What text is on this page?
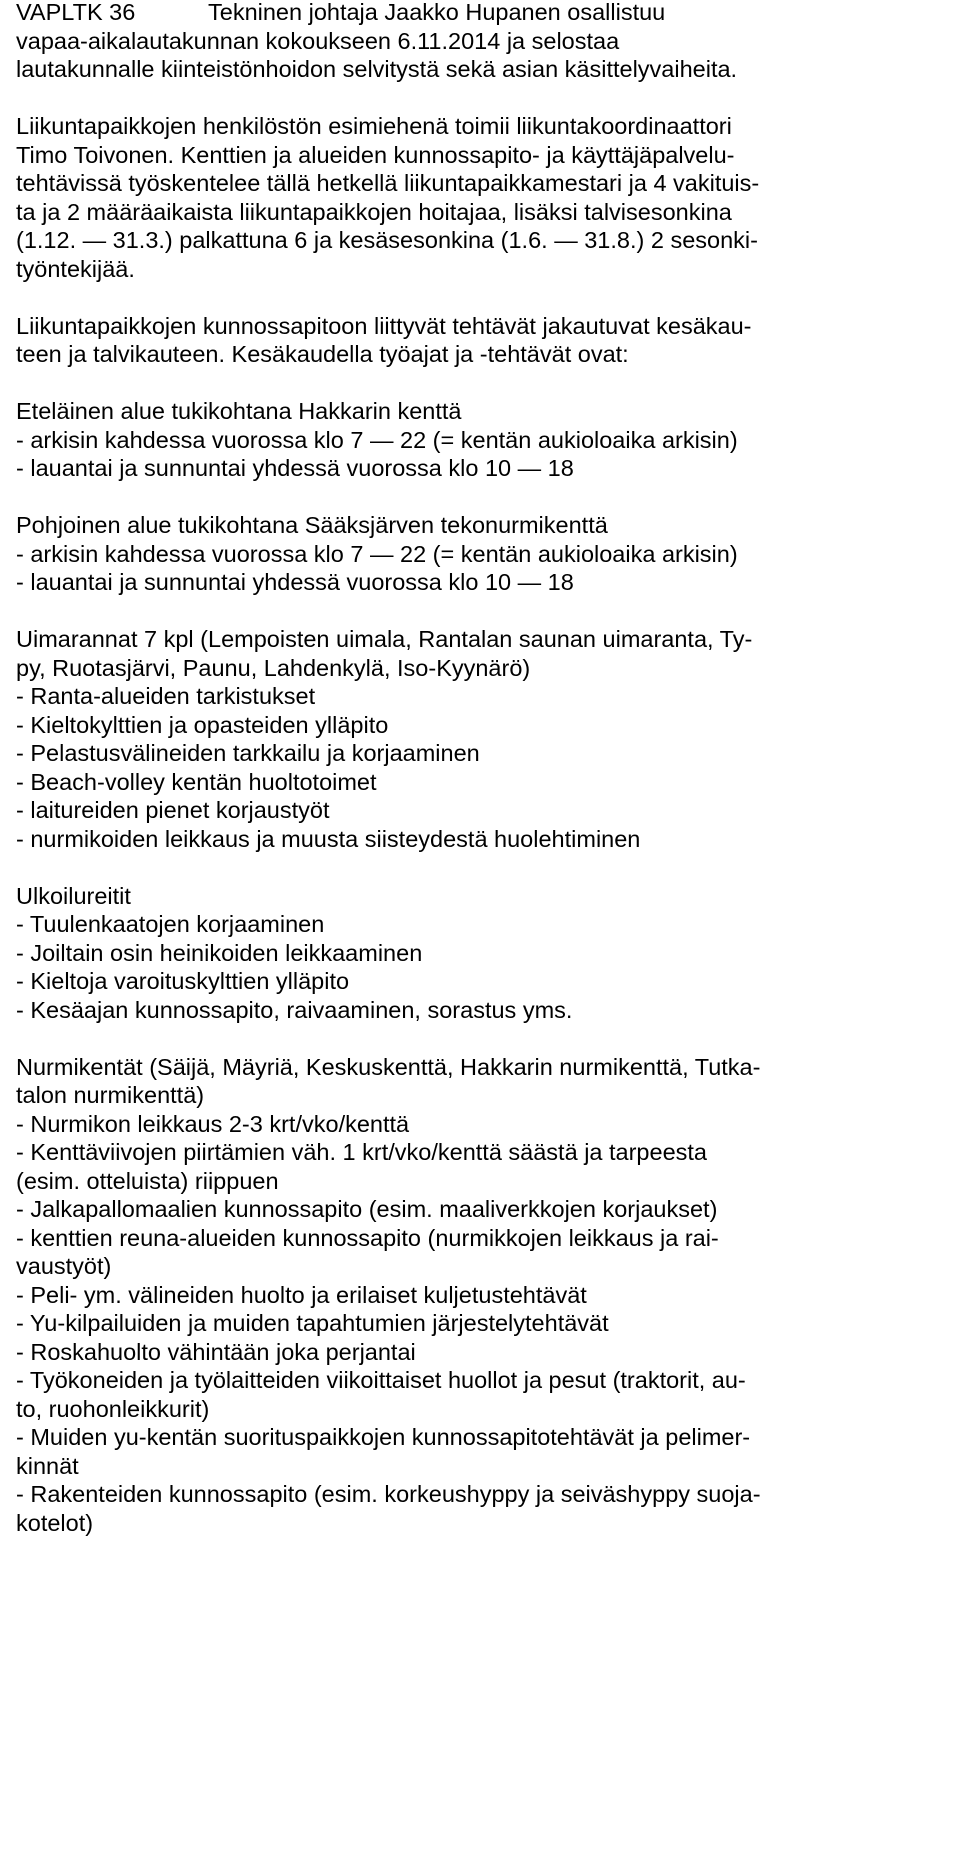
VAPLTK 36	Tekninen johtaja Jaakko Hupanen osallistuu

vapaa-aikalautakunnan kokoukseen 6.11.2014 ja selostaa

lautakunnalle kiinteistönhoidon selvitystä sekä asian käsittelyvaiheita.

Liikuntapaikkojen henkilöstön esimiehenä toimii liikuntakoordinaattori

Timo Toivonen. Kenttien ja alueiden kunnossapito- ja käyttäjäpalvelu-

tehtävissä työskentelee tällä hetkellä liikuntapaikkamestari ja 4 vakituis-

ta ja 2 määräaikaista liikuntapaikkojen hoitajaa, lisäksi talvisesonkina

(1.12. — 31.3.) palkattuna 6 ja kesäsesonkina (1.6. — 31.8.) 2 sesonki-

työntekijää.

Liikuntapaikkojen kunnossapitoon liittyvät tehtävät jakautuvat kesäkau-

teen ja talvikauteen. Kesäkaudella työajat ja -tehtävät ovat:

Eteläinen alue tukikohtana Hakkarin kenttä

- arkisin kahdessa vuorossa klo 7 — 22 (= kentän aukioloaika arkisin)

- lauantai ja sunnuntai yhdessä vuorossa klo 10 — 18

Pohjoinen alue tukikohtana Sääksjärven tekonurmikenttä

- arkisin kahdessa vuorossa klo 7 — 22 (= kentän aukioloaika arkisin)

- lauantai ja sunnuntai yhdessä vuorossa klo 10 — 18

Uimarannat 7 kpl (Lempoisten uimala, Rantalan saunan uimaranta, Ty-

py, Ruotasjärvi, Paunu, Lahdenkylä, Iso-Kyynärö)

- Ranta-alueiden tarkistukset

- Kieltokylttien ja opasteiden ylläpito

- Pelastusvälineiden tarkkailu ja korjaaminen

- Beach-volley kentän huoltotoimet

- laitureiden pienet korjaustyöt

- nurmikoiden leikkaus ja muusta siisteydestä huolehtiminen

Ulkoilureitit

- Tuulenkaatojen korjaaminen

- Joiltain osin heinikoiden leikkaaminen

- Kieltoja varoituskylttien ylläpito

- Kesäajan kunnossapito, raivaaminen, sorastus yms.

Nurmikentät (Säijä, Mäyriä, Keskuskenttä, Hakkarin nurmikenttä, Tutka-

talon nurmikenttä)

- Nurmikon leikkaus 2-3 krt/vko/kenttä

- Kenttäviivojen piirtämien väh. 1 krt/vko/kenttä säästä ja tarpeesta

(esim. otteluista) riippuen

- Jalkapallomaalien kunnossapito (esim. maaliverkkojen korjaukset)

- kenttien reuna-alueiden kunnossapito (nurmikkojen leikkaus ja rai-

vaustyöt)

- Peli- ym. välineiden huolto ja erilaiset kuljetustehtävät

- Yu-kilpailuiden ja muiden tapahtumien järjestelytehtävät

- Roskahuolto vähintään joka perjantai

- Työkoneiden ja työlaitteiden viikoittaiset huollot ja pesut (traktorit, au-

to, ruohonleikkurit)

- Muiden yu-kentän suorituspaikkojen kunnossapitotehtävät ja pelimer-

kinnät

- Rakenteiden kunnossapito (esim. korkeushyppy ja seiväshyppy suoja-

kotelot)
